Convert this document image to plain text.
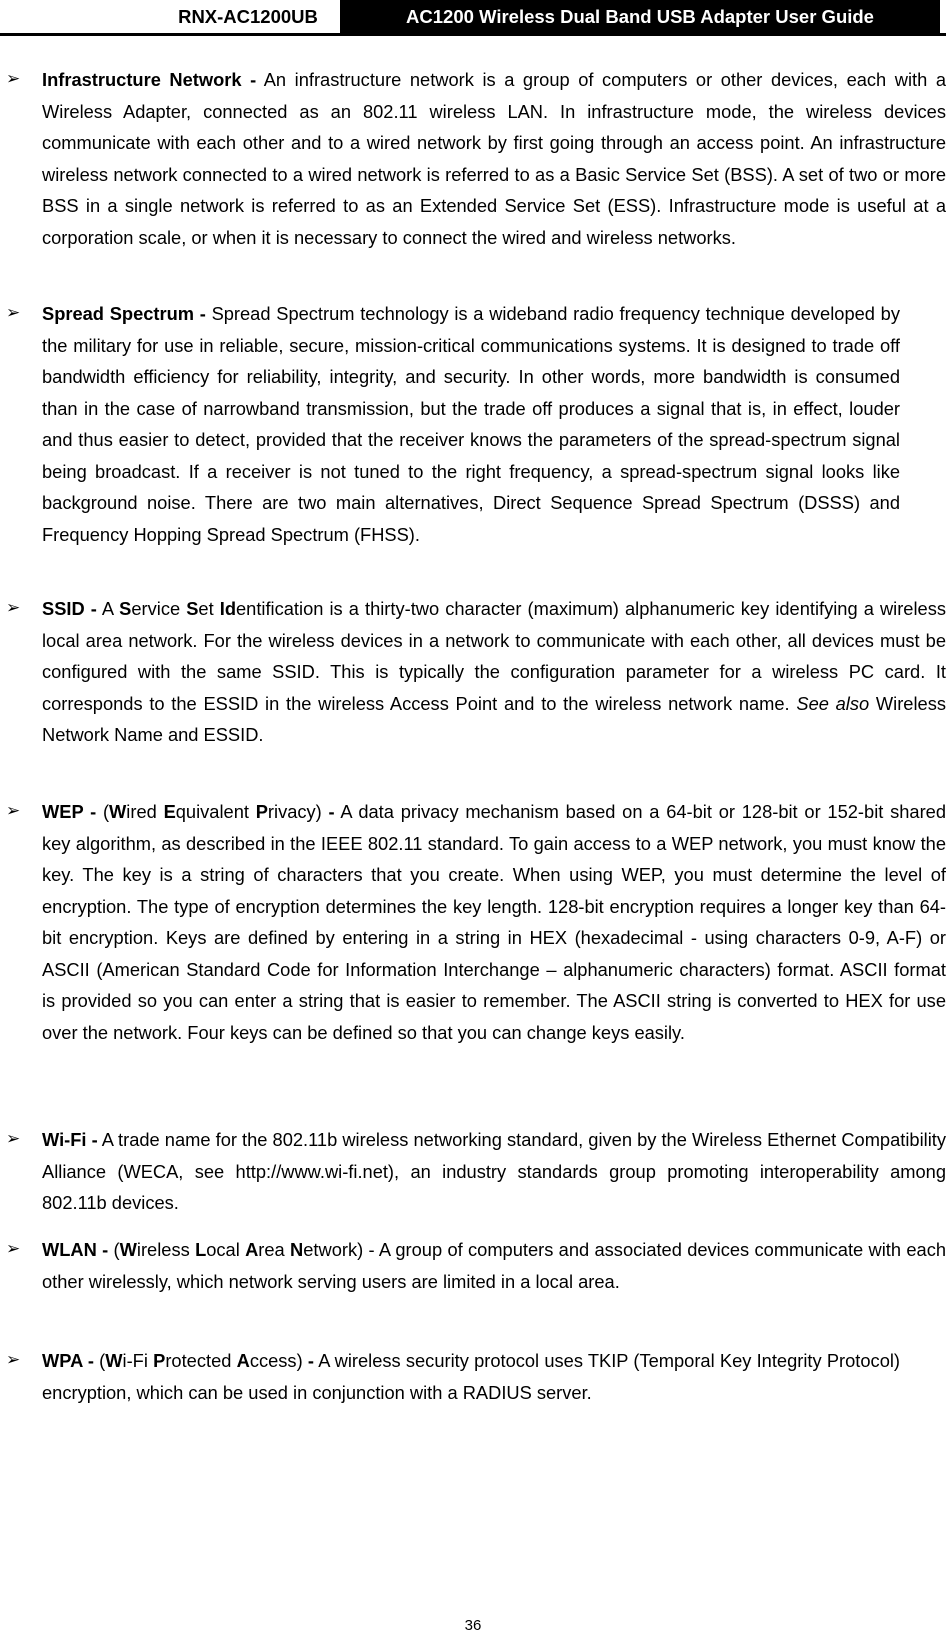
RNX-AC1200UB	AC1200 Wireless Dual Band USB Adapter User Guide
➢ Infrastructure Network - An infrastructure network is a group of computers or other devices, each with a Wireless Adapter, connected as an 802.11 wireless LAN. In infrastructure mode, the wireless devices communicate with each other and to a wired network by first going through an access point. An infrastructure wireless network connected to a wired network is referred to as a Basic Service Set (BSS). A set of two or more BSS in a single network is referred to as an Extended Service Set (ESS). Infrastructure mode is useful at a corporation scale, or when it is necessary to connect the wired and wireless networks.
➢ Spread Spectrum - Spread Spectrum technology is a wideband radio frequency technique developed by the military for use in reliable, secure, mission-critical communications systems. It is designed to trade off bandwidth efficiency for reliability, integrity, and security. In other words, more bandwidth is consumed than in the case of narrowband transmission, but the trade off produces a signal that is, in effect, louder and thus easier to detect, provided that the receiver knows the parameters of the spread-spectrum signal being broadcast. If a receiver is not tuned to the right frequency, a spread-spectrum signal looks like background noise. There are two main alternatives, Direct Sequence Spread Spectrum (DSSS) and Frequency Hopping Spread Spectrum (FHSS).
➢ SSID - A Service Set Identification is a thirty-two character (maximum) alphanumeric key identifying a wireless local area network. For the wireless devices in a network to communicate with each other, all devices must be configured with the same SSID. This is typically the configuration parameter for a wireless PC card. It corresponds to the ESSID in the wireless Access Point and to the wireless network name. See also Wireless Network Name and ESSID.
➢ WEP - (Wired Equivalent Privacy) - A data privacy mechanism based on a 64-bit or 128-bit or 152-bit shared key algorithm, as described in the IEEE 802.11 standard. To gain access to a WEP network, you must know the key. The key is a string of characters that you create. When using WEP, you must determine the level of encryption. The type of encryption determines the key length. 128-bit encryption requires a longer key than 64-bit encryption. Keys are defined by entering in a string in HEX (hexadecimal - using characters 0-9, A-F) or ASCII (American Standard Code for Information Interchange – alphanumeric characters) format. ASCII format is provided so you can enter a string that is easier to remember. The ASCII string is converted to HEX for use over the network. Four keys can be defined so that you can change keys easily.
➢ Wi-Fi - A trade name for the 802.11b wireless networking standard, given by the Wireless Ethernet Compatibility Alliance (WECA, see http://www.wi-fi.net), an industry standards group promoting interoperability among 802.11b devices.
➢ WLAN - (Wireless Local Area Network) - A group of computers and associated devices communicate with each other wirelessly, which network serving users are limited in a local area.
➢ WPA - (Wi-Fi Protected Access) - A wireless security protocol uses TKIP (Temporal Key Integrity Protocol) encryption, which can be used in conjunction with a RADIUS server.
36
